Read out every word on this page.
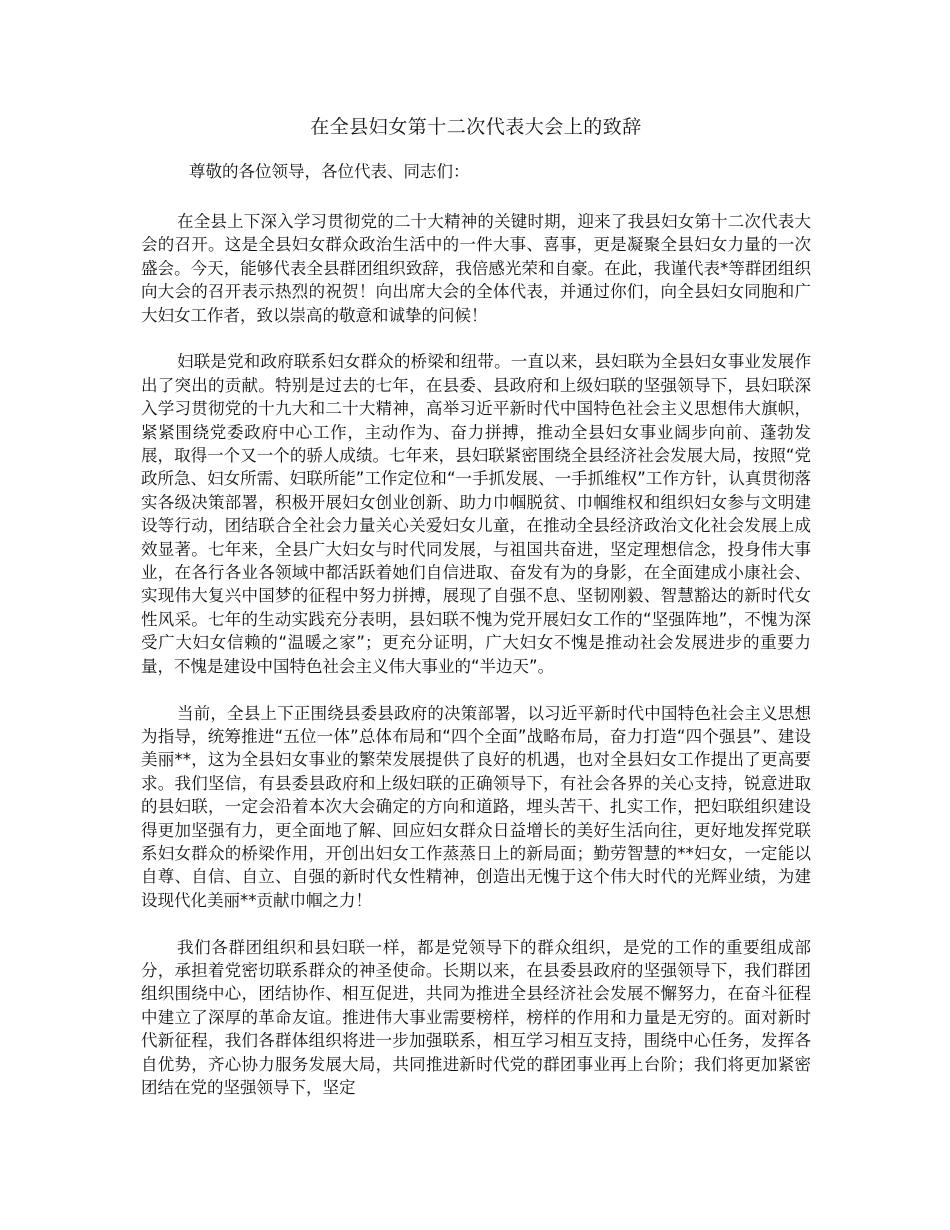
在全县妇女第十二次代表大会上的致辞

尊敬的各位领导，各位代表、同志们：

在全县上下深入学习贯彻党的二十大精神的关键时期，迎来了我县妇女第十二次代表大会的召开。这是全县妇女群众政治生活中的一件大事、喜事，更是凝聚全县妇女力量的一次盛会。今天，能够代表全县群团组织致辞，我倍感光荣和自豪。在此，我谨代表*等群团组织向大会的召开表示热烈的祝贺！向出席大会的全体代表，并通过你们，向全县妇女同胞和广大妇女工作者，致以崇高的敬意和诚挚的问候！

妇联是党和政府联系妇女群众的桥梁和纽带。一直以来，县妇联为全县妇女事业发展作出了突出的贡献。特别是过去的七年，在县委、县政府和上级妇联的坚强领导下，县妇联深入学习贯彻党的十九大和二十大精神，高举习近平新时代中国特色社会主义思想伟大旗帜，紧紧围绕党委政府中心工作，主动作为、奋力拼搏，推动全县妇女事业阔步向前、蓬勃发展，取得一个又一个的骄人成绩。七年来，县妇联紧密围绕全县经济社会发展大局，按照“党政所急、妇女所需、妇联所能”工作定位和“一手抓发展、一手抓维权”工作方针，认真贯彻落实各级决策部署，积极开展妇女创业创新、助力巾帼脱贫、巾帼维权和组织妇女参与文明建设等行动，团结联合全社会力量关心关爱妇女儿童，在推动全县经济政治文化社会发展上成效显著。七年来，全县广大妇女与时代同发展，与祖国共奋进，坚定理想信念，投身伟大事业，在各行各业各领域中都活跃着她们自信进取、奋发有为的身影，在全面建成小康社会、实现伟大复兴中国梦的征程中努力拼搏，展现了自强不息、坚韧刚毅、智慧豁达的新时代女性风采。七年的生动实践充分表明，县妇联不愧为党开展妇女工作的“坚强阵地”，不愧为深受广大妇女信赖的“温暖之家”；更充分证明，广大妇女不愧是推动社会发展进步的重要力量，不愧是建设中国特色社会主义伟大事业的“半边天”。

当前，全县上下正围绕县委县政府的决策部署，以习近平新时代中国特色社会主义思想为指导，统筹推进“五位一体”总体布局和“四个全面”战略布局，奋力打造“四个强县”、建设美丽**，这为全县妇女事业的繁荣发展提供了良好的机遇，也对全县妇女工作提出了更高要求。我们坚信，有县委县政府和上级妇联的正确领导下，有社会各界的关心支持，锐意进取的县妇联，一定会沿着本次大会确定的方向和道路，埋头苦干、扎实工作，把妇联组织建设得更加坚强有力，更全面地了解、回应妇女群众日益增长的美好生活向往，更好地发挥党联系妇女群众的桥梁作用，开创出妇女工作蒸蒸日上的新局面；勤劳智慧的**妇女，一定能以自尊、自信、自立、自强的新时代女性精神，创造出无愧于这个伟大时代的光辉业绩，为建设现代化美丽**贡献巾帼之力！

我们各群团组织和县妇联一样，都是党领导下的群众组织，是党的工作的重要组成部分，承担着党密切联系群众的神圣使命。长期以来，在县委县政府的坚强领导下，我们群团组织围绕中心，团结协作、相互促进，共同为推进全县经济社会发展不懈努力，在奋斗征程中建立了深厚的革命友谊。推进伟大事业需要榜样，榜样的作用和力量是无穷的。面对新时代新征程，我们各群体组织将进一步加强联系，相互学习相互支持，围绕中心任务，发挥各自优势，齐心协力服务发展大局，共同推进新时代党的群团事业再上台阶；我们将更加紧密团结在党的坚强领导下，坚定
